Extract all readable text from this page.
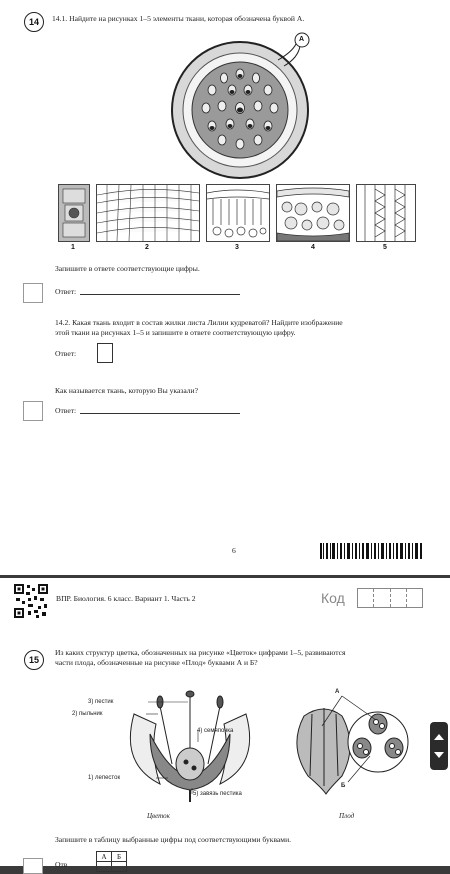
14	14.1. Найдите на рисунках 1–5 элементы ткани, которая обозначена буквой А.
А
1	2	3	4	5
Запишите в ответе соответствующие цифры.
Ответ:
14.2. Какая ткань входит в состав жилки листа Лилии кудреватой? Найдите изображение
этой ткани на рисунках 1–5 и запишите в ответе соответствующую цифру.
Ответ:
Как называется ткань, которую Вы указали?
Ответ:
6
ВПР. Биология. 6 класс. Вариант 1. Часть 2	Код
15
Из каких структур цветка, обозначенных на рисунке «Цветок» цифрами 1–5, развиваются
части плода, обозначенные на рисунке «Плод» буквами А и Б?
3) пестик
2) пыльник
4) семяпочка
1) лепесток
5) завязь пестика
А
Б
Цветок	Плод
Запишите в таблицу выбранные цифры под соответствующими буквами.
А	Б

Отв
